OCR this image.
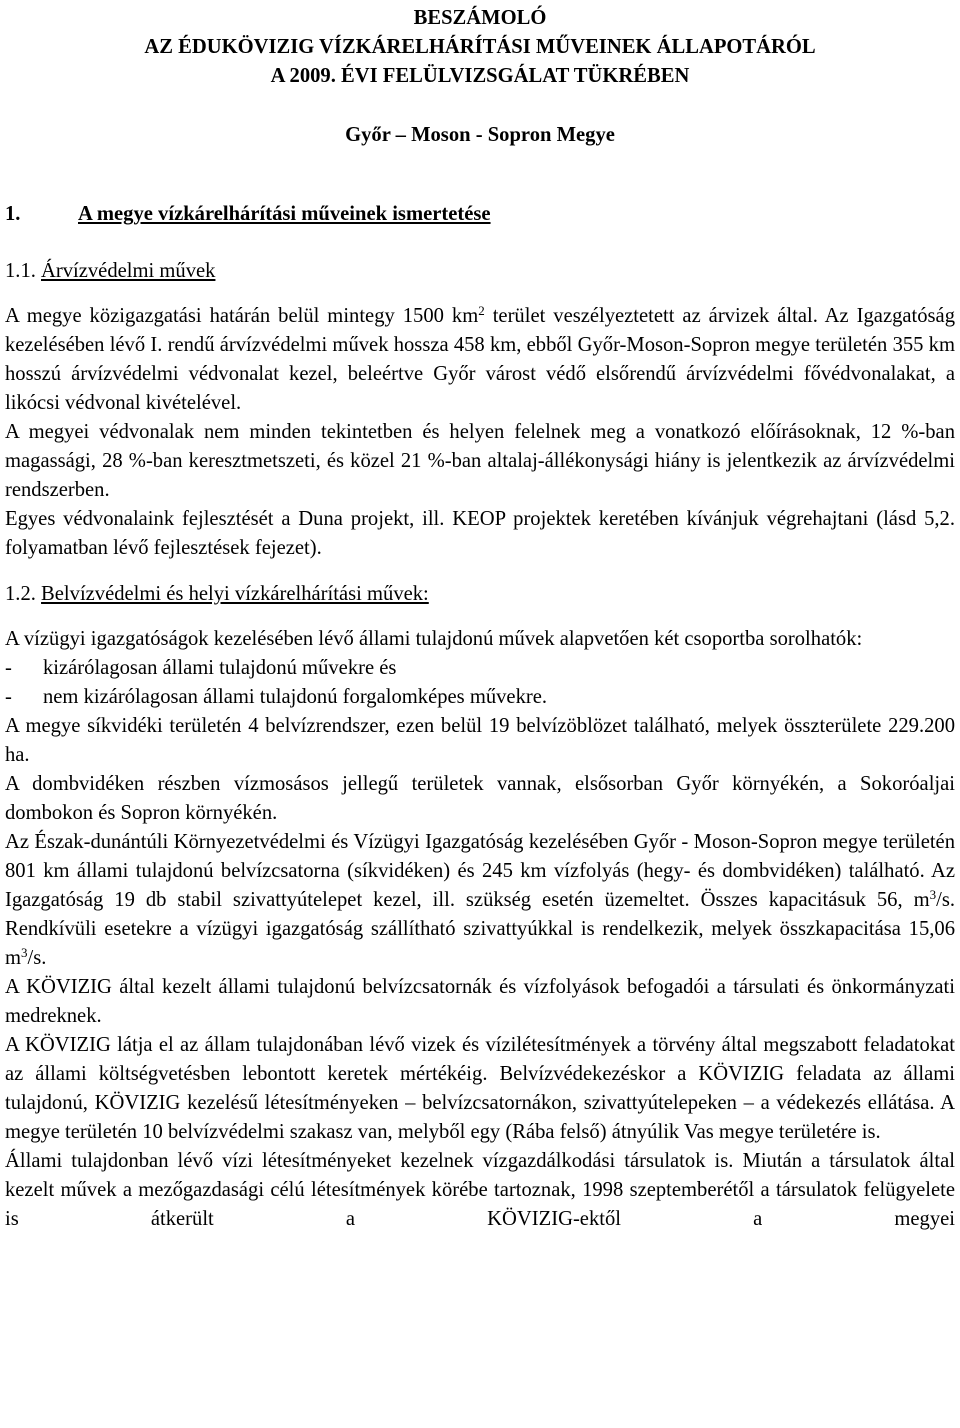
BESZÁMOLÓ
AZ ÉDUKÖVIZIG VÍZKÁRELHÁRÍTÁSI MŰVEINEK ÁLLAPOTÁRÓL
A 2009. ÉVI FELÜLVIZSGÁLAT TÜKRÉBEN
Győr – Moson - Sopron Megye
1.	A megye vízkárelhárítási műveinek ismertetése
1.1. Árvízvédelmi művek

A megye közigazgatási határán belül mintegy 1500 $km^2$ terület veszélyeztetett az árvizek által. Az Igazgatóság kezelésében lévő I. rendű árvízvédelmi művek hossza 458 km, ebből Győr-Moson-Sopron megye területén 355 km hosszú árvízvédelmi védvonalat kezel, beleértve Győr várost védő elsőrendű árvízvédelmi fővédvonalakat, a likócsi védvonal kivételével.

A megyei védvonalak nem minden tekintetben és helyen felelnek meg a vonatkozó előírásoknak, 12 %-ban magassági, 28 %-ban keresztmetszeti, és közel 21 %-ban altalaj-állékonysági hiány is jelentkezik az árvízvédelmi rendszerben.

Egyes védvonalaink fejlesztését a Duna projekt, ill. KEOP projektek keretében kívánjuk végrehajtani (lásd 5,2. folyamatban lévő fejlesztések fejezet).

1.2. Belvízvédelmi és helyi vízkárelhárítási művek:

A vízügyi igazgatóságok kezelésében lévő állami tulajdonú művek alapvetően két csoportba sorolhatók:

-	kizárólagosan állami tulajdonú művekre és
-	nem kizárólagosan állami tulajdonú forgalomképes művekre.

A megye síkvidéki területén 4 belvízrendszer, ezen belül 19 belvízöblözet található, melyek összterülete 229.200 ha.

A dombvidéken részben vízmosásos jellegű területek vannak, elsősorban Győr környékén, a Sokoróaljai dombokon és Sopron környékén.

Az Észak-dunántúli Környezetvédelmi és Vízügyi Igazgatóság kezelésében Győr - Moson-Sopron megye területén 801 km állami tulajdonú belvízcsatorna (síkvidéken) és 245 km vízfolyás (hegy- és dombvidéken) található. Az Igazgatóság 19 db stabil szivattyútelepet kezel, ill. szükség esetén üzemeltet. Összes kapacitásuk 56, $m^3/s$. Rendkívüli esetekre a vízügyi igazgatóság szállítható szivattyúkkal is rendelkezik, melyek összkapacitása 15,06 $m^3/s$.

A KÖVIZIG által kezelt állami tulajdonú belvízcsatornák és vízfolyások befogadói a társulati és önkormányzati medreknek.

A KÖVIZIG látja el az állam tulajdonában lévő vizek és vízilétesítmények a törvény által megszabott feladatokat az állami költségvetésben lebontott keretek mértékéig. Belvízvédekezéskor a KÖVIZIG feladata az állami tulajdonú, KÖVIZIG kezelésű létesítményeken – belvízcsatornákon, szivattyútelepeken – a védekezés ellátása. A megye területén 10 belvízvédelmi szakasz van, melyből egy (Rába felső) átnyúlik Vas megye területére is.

Állami tulajdonban lévő vízi létesítményeket kezelnek vízgazdálkodási társulatok is. Miután a társulatok által kezelt művek a mezőgazdasági célú létesítmények körébe tartoznak, 1998 szeptemberétől a társulatok felügyelete is átkerült a KÖVIZIG-ektől a megyei
